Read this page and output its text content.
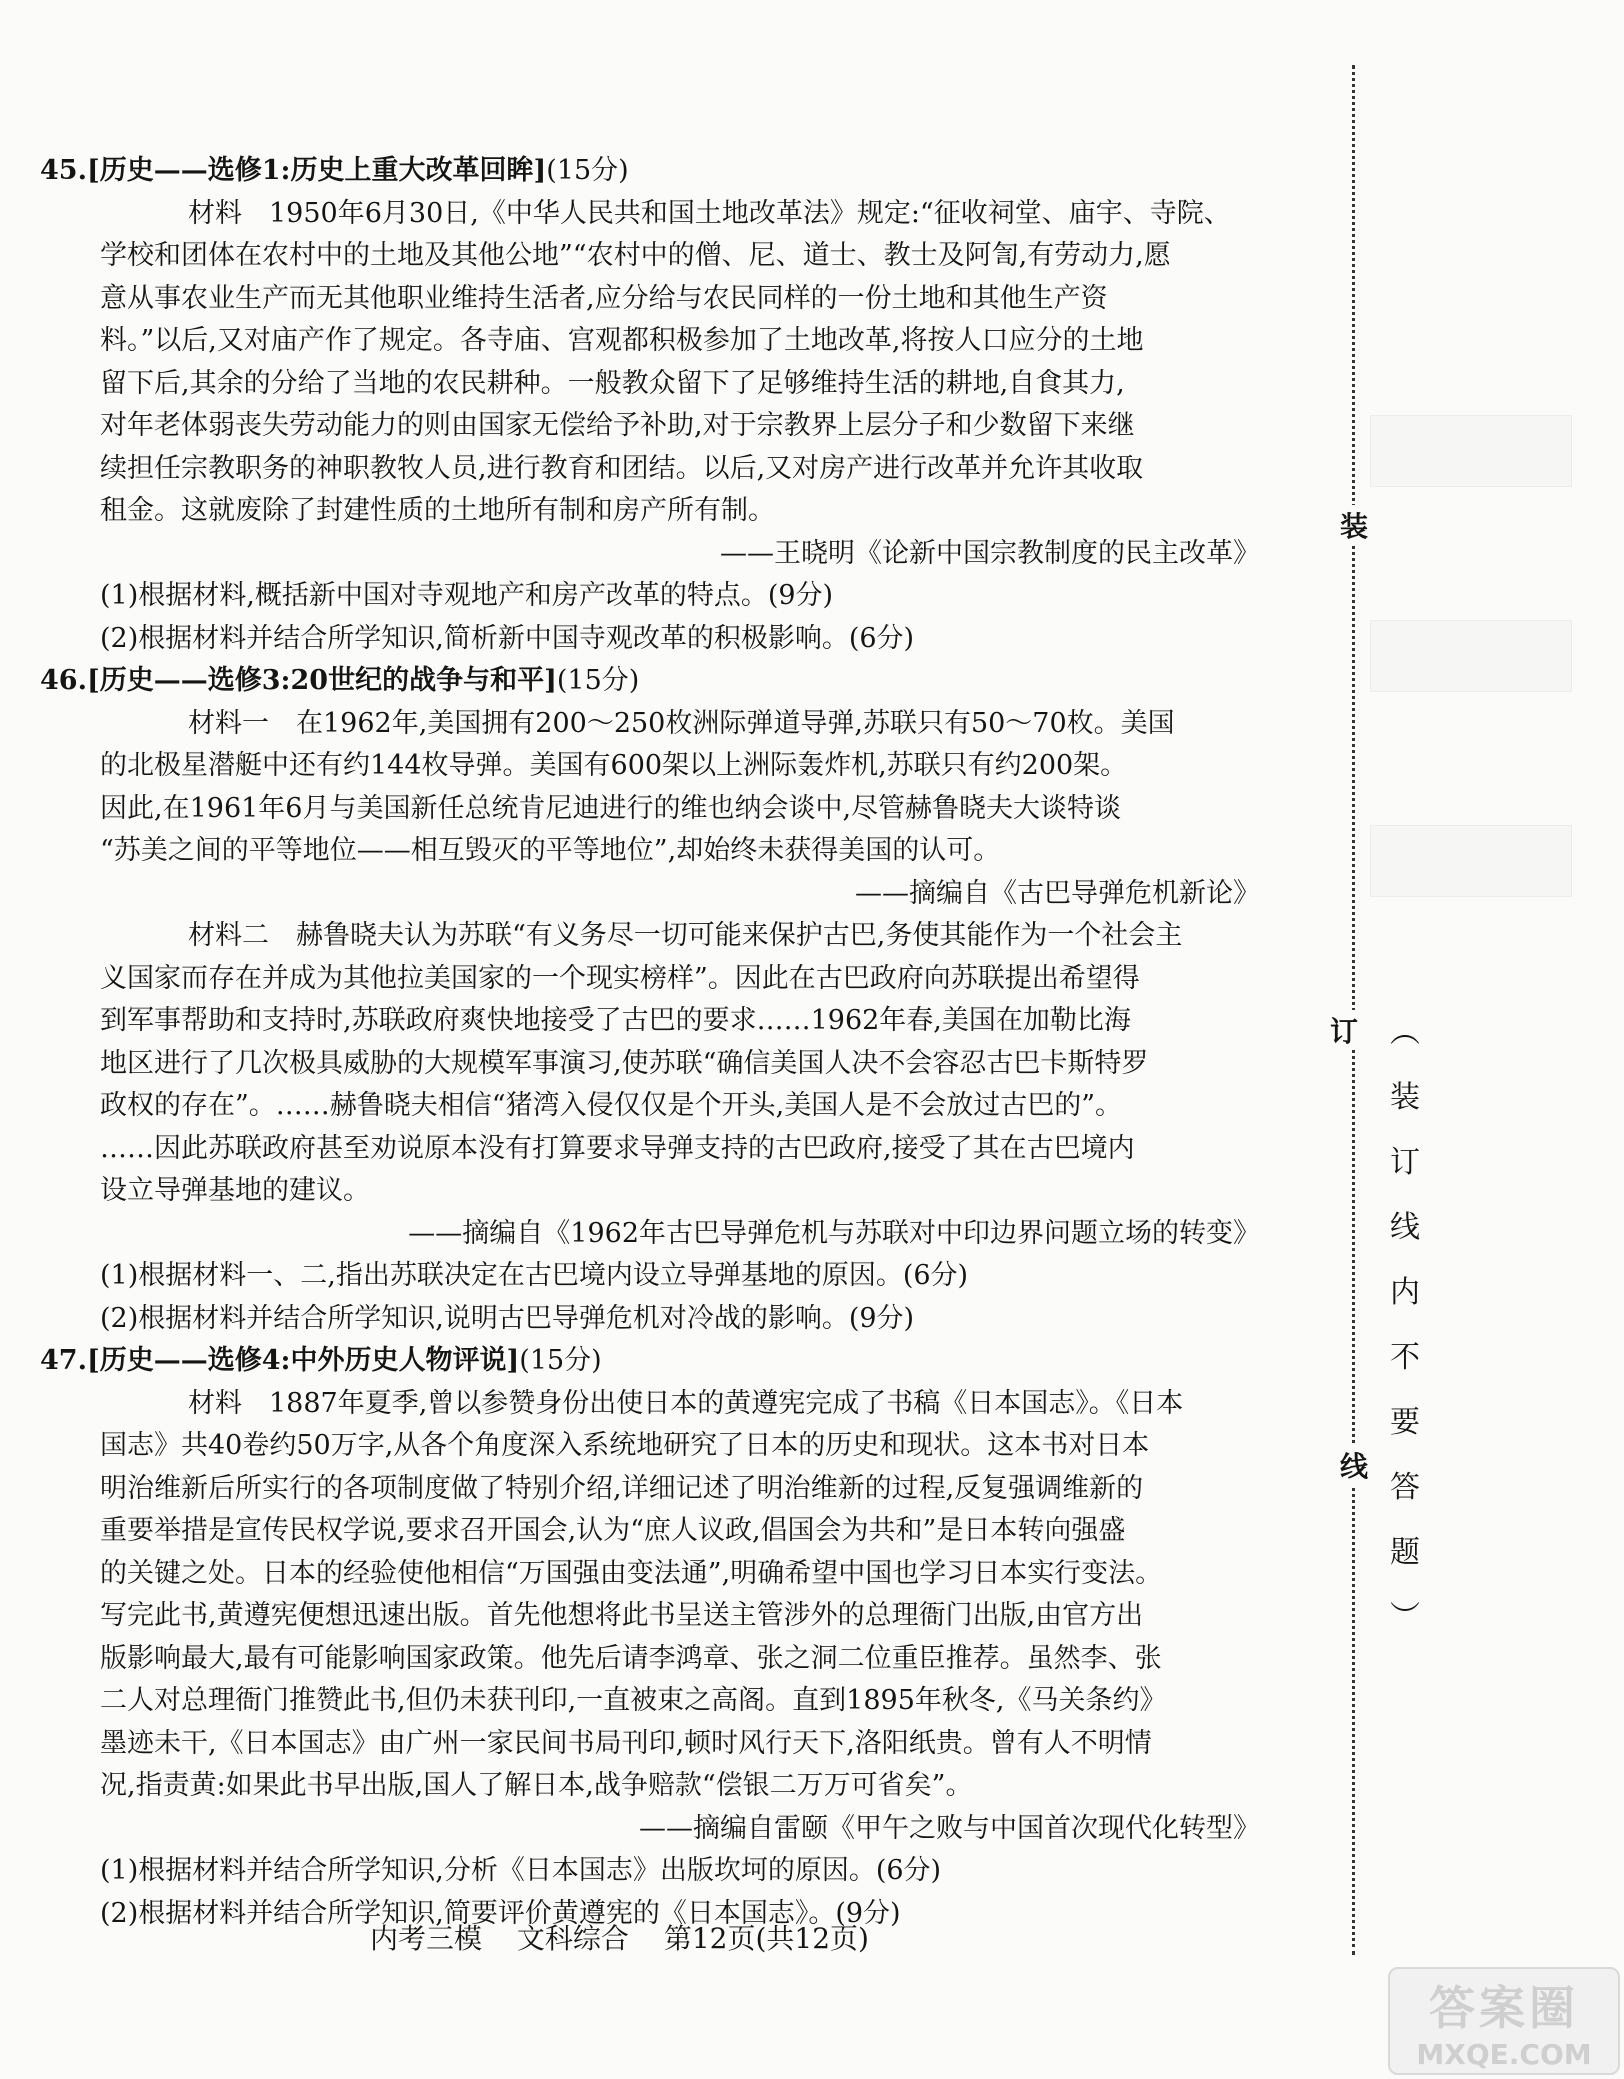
45.[历史——选修1:历史上重大改革回眸](15分)
材料　1950年6月30日,《中华人民共和国土地改革法》规定:“征收祠堂、庙宇、寺院、
学校和团体在农村中的土地及其他公地”“农村中的僧、尼、道士、教士及阿訇,有劳动力,愿
意从事农业生产而无其他职业维持生活者,应分给与农民同样的一份土地和其他生产资
料。”以后,又对庙产作了规定。各寺庙、宫观都积极参加了土地改革,将按人口应分的土地
留下后,其余的分给了当地的农民耕种。一般教众留下了足够维持生活的耕地,自食其力,
对年老体弱丧失劳动能力的则由国家无偿给予补助,对于宗教界上层分子和少数留下来继
续担任宗教职务的神职教牧人员,进行教育和团结。以后,又对房产进行改革并允许其收取
租金。这就废除了封建性质的土地所有制和房产所有制。
——王晓明《论新中国宗教制度的民主改革》
(1)根据材料,概括新中国对寺观地产和房产改革的特点。(9分)
(2)根据材料并结合所学知识,简析新中国寺观改革的积极影响。(6分)
46.[历史——选修3:20世纪的战争与和平](15分)
材料一　在1962年,美国拥有200～250枚洲际弹道导弹,苏联只有50～70枚。美国
的北极星潜艇中还有约144枚导弹。美国有600架以上洲际轰炸机,苏联只有约200架。
因此,在1961年6月与美国新任总统肯尼迪进行的维也纳会谈中,尽管赫鲁晓夫大谈特谈
“苏美之间的平等地位——相互毁灭的平等地位”,却始终未获得美国的认可。
——摘编自《古巴导弹危机新论》
材料二　赫鲁晓夫认为苏联“有义务尽一切可能来保护古巴,务使其能作为一个社会主
义国家而存在并成为其他拉美国家的一个现实榜样”。因此在古巴政府向苏联提出希望得
到军事帮助和支持时,苏联政府爽快地接受了古巴的要求……1962年春,美国在加勒比海
地区进行了几次极具威胁的大规模军事演习,使苏联“确信美国人决不会容忍古巴卡斯特罗
政权的存在”。……赫鲁晓夫相信“猪湾入侵仅仅是个开头,美国人是不会放过古巴的”。
……因此苏联政府甚至劝说原本没有打算要求导弹支持的古巴政府,接受了其在古巴境内
设立导弹基地的建议。
——摘编自《1962年古巴导弹危机与苏联对中印边界问题立场的转变》
(1)根据材料一、二,指出苏联决定在古巴境内设立导弹基地的原因。(6分)
(2)根据材料并结合所学知识,说明古巴导弹危机对冷战的影响。(9分)
47.[历史——选修4:中外历史人物评说](15分)
材料　1887年夏季,曾以参赞身份出使日本的黄遵宪完成了书稿《日本国志》。《日本
国志》共40卷约50万字,从各个角度深入系统地研究了日本的历史和现状。这本书对日本
明治维新后所实行的各项制度做了特别介绍,详细记述了明治维新的过程,反复强调维新的
重要举措是宣传民权学说,要求召开国会,认为“庶人议政,倡国会为共和”是日本转向强盛
的关键之处。日本的经验使他相信“万国强由变法通”,明确希望中国也学习日本实行变法。
写完此书,黄遵宪便想迅速出版。首先他想将此书呈送主管涉外的总理衙门出版,由官方出
版影响最大,最有可能影响国家政策。他先后请李鸿章、张之洞二位重臣推荐。虽然李、张
二人对总理衙门推赞此书,但仍未获刊印,一直被束之高阁。直到1895年秋冬,《马关条约》
墨迹未干,《日本国志》由广州一家民间书局刊印,顿时风行天下,洛阳纸贵。曾有人不明情
况,指责黄:如果此书早出版,国人了解日本,战争赔款“偿银二万万可省矣”。
——摘编自雷颐《甲午之败与中国首次现代化转型》
(1)根据材料并结合所学知识,分析《日本国志》出版坎坷的原因。(6分)
(2)根据材料并结合所学知识,简要评价黄遵宪的《日本国志》。(9分)
内考三模 文科综合 第12页(共12页)
装
订
线
︵
装
订
线
内
不
要
答
题
︶
答案圈
MXQE.COM
